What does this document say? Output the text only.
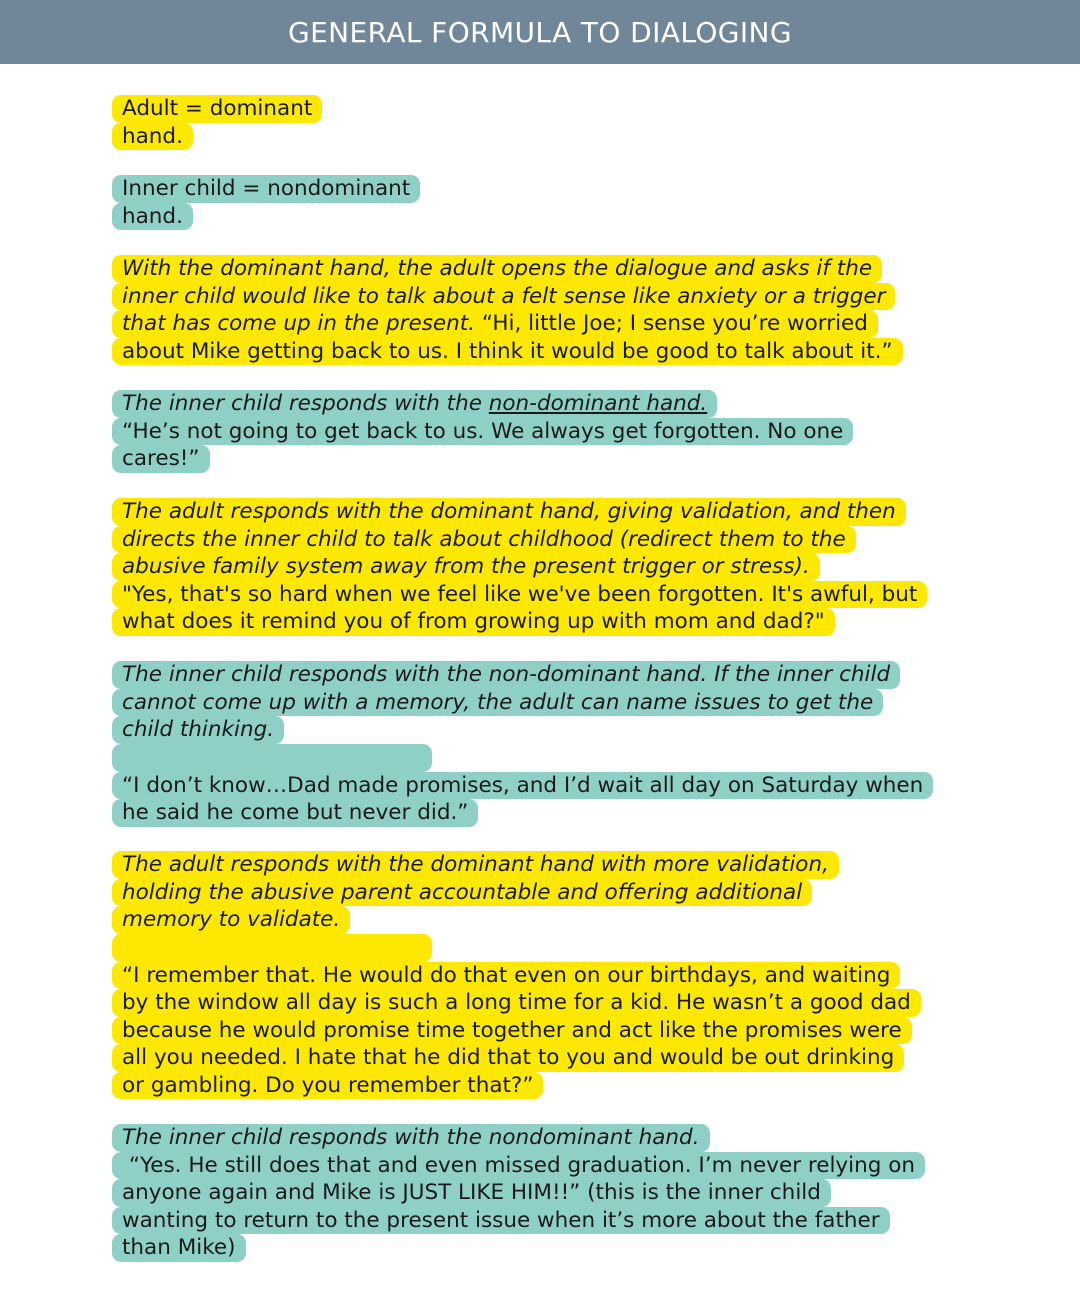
GENERAL FORMULA TO DIALOGING
Adult = dominant
hand.
Inner child = nondominant
hand.
With the dominant hand, the adult opens the dialogue and asks if the
inner child would like to talk about a felt sense like anxiety or a trigger
that has come up in the present. “Hi, little Joe; I sense you’re worried
about Mike getting back to us. I think it would be good to talk about it.”
The inner child responds with the non-dominant hand.
“He’s not going to get back to us. We always get forgotten. No one
cares!”
The adult responds with the dominant hand, giving validation, and then
directs the inner child to talk about childhood (redirect them to the
abusive family system away from the present trigger or stress).
"Yes, that's so hard when we feel like we've been forgotten. It's awful, but
what does it remind you of from growing up with mom and dad?"
The inner child responds with the non-dominant hand. If the inner child
cannot come up with a memory, the adult can name issues to get the
child thinking.
“I don’t know…Dad made promises, and I’d wait all day on Saturday when
he said he come but never did.”
The adult responds with the dominant hand with more validation,
holding the abusive parent accountable and offering additional
memory to validate.
“I remember that. He would do that even on our birthdays, and waiting
by the window all day is such a long time for a kid. He wasn’t a good dad
because he would promise time together and act like the promises were
all you needed. I hate that he did that to you and would be out drinking
or gambling. Do you remember that?”
The inner child responds with the nondominant hand.
“Yes. He still does that and even missed graduation. I’m never relying on
anyone again and Mike is JUST LIKE HIM!!” (this is the inner child
wanting to return to the present issue when it’s more about the father
than Mike)
